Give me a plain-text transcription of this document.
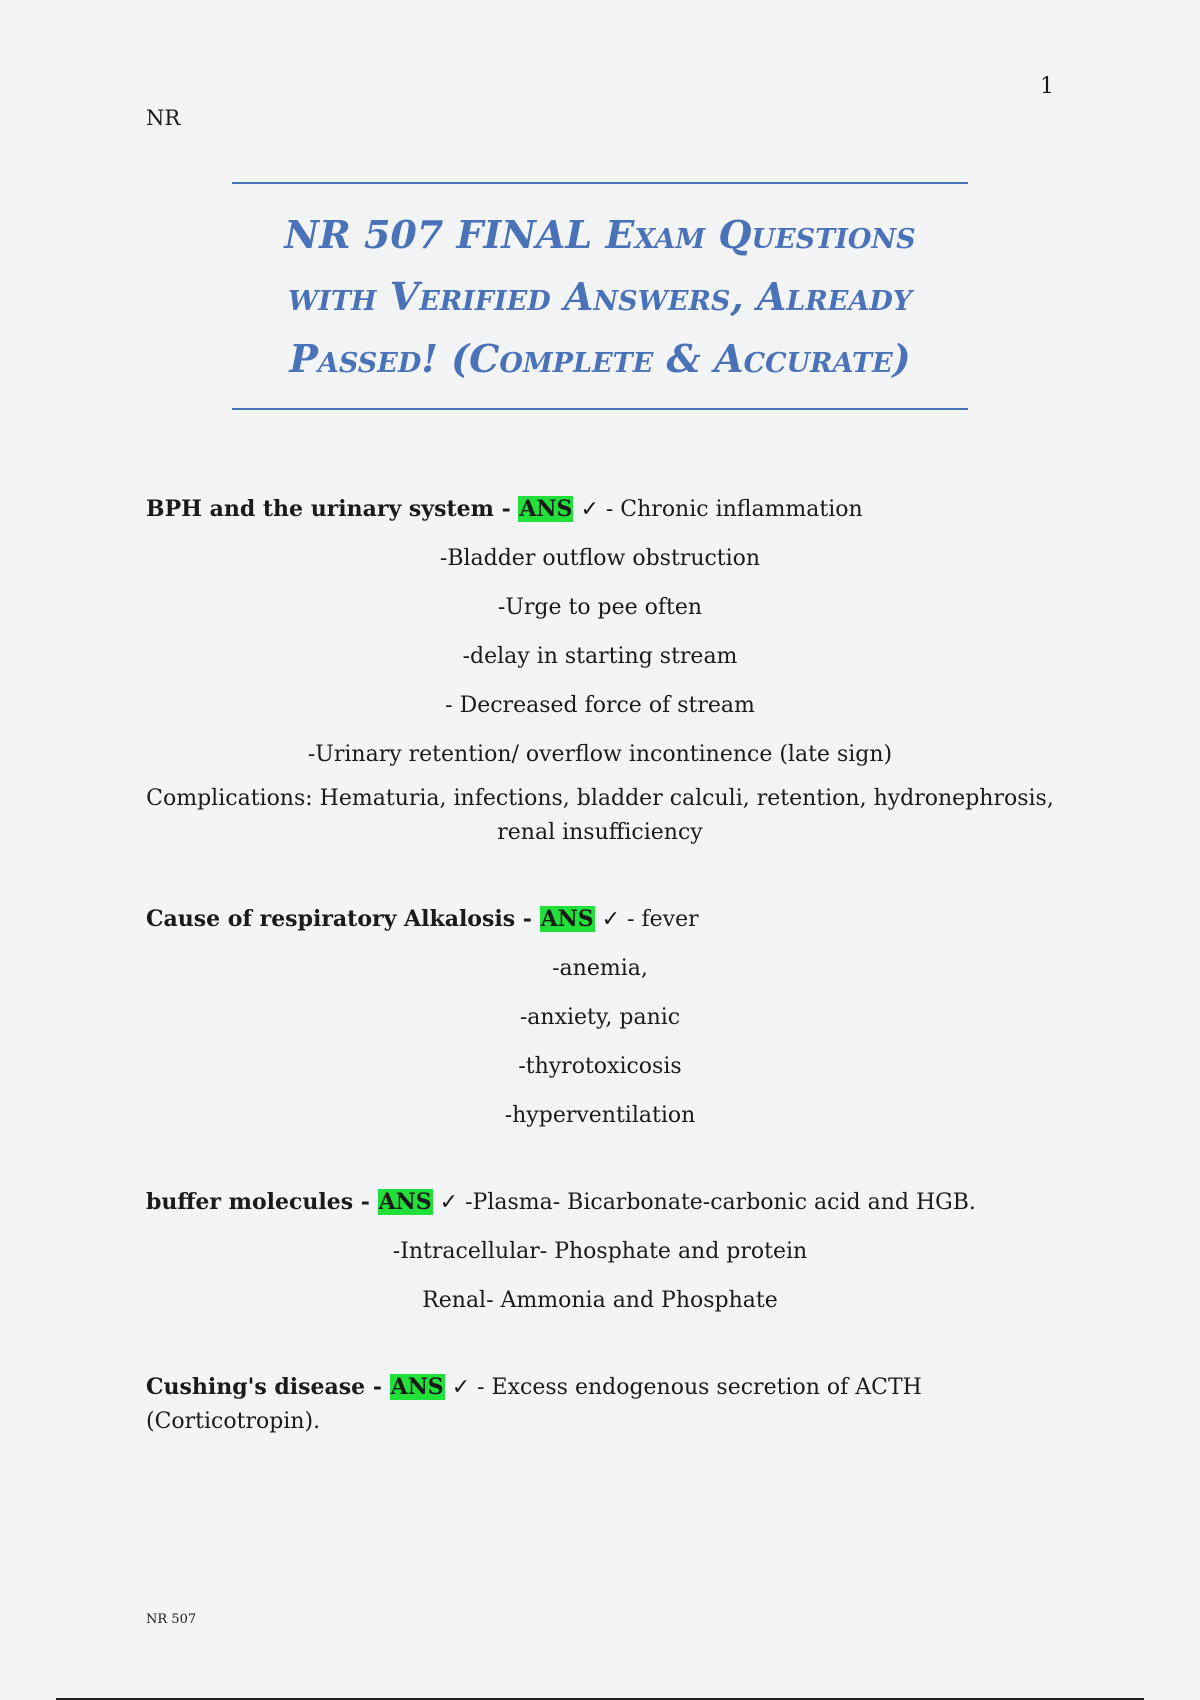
1
NR
NR 507 FINAL Exam Questions
with Verified Answers, Already
Passed! (Complete & Accurate)
BPH and the urinary system - ANS ✓ - Chronic inflammation
-Bladder outflow obstruction
-Urge to pee often
-delay in starting stream
- Decreased force of stream
-Urinary retention/ overflow incontinence (late sign)
Complications: Hematuria, infections, bladder calculi, retention, hydronephrosis, renal insufficiency
Cause of respiratory Alkalosis - ANS ✓ - fever
-anemia,
-anxiety, panic
-thyrotoxicosis
-hyperventilation
buffer molecules - ANS ✓ -Plasma- Bicarbonate-carbonic acid and HGB.
-Intracellular- Phosphate and protein
Renal- Ammonia and Phosphate
Cushing's disease - ANS ✓ - Excess endogenous secretion of ACTH (Corticotropin).
NR 507
